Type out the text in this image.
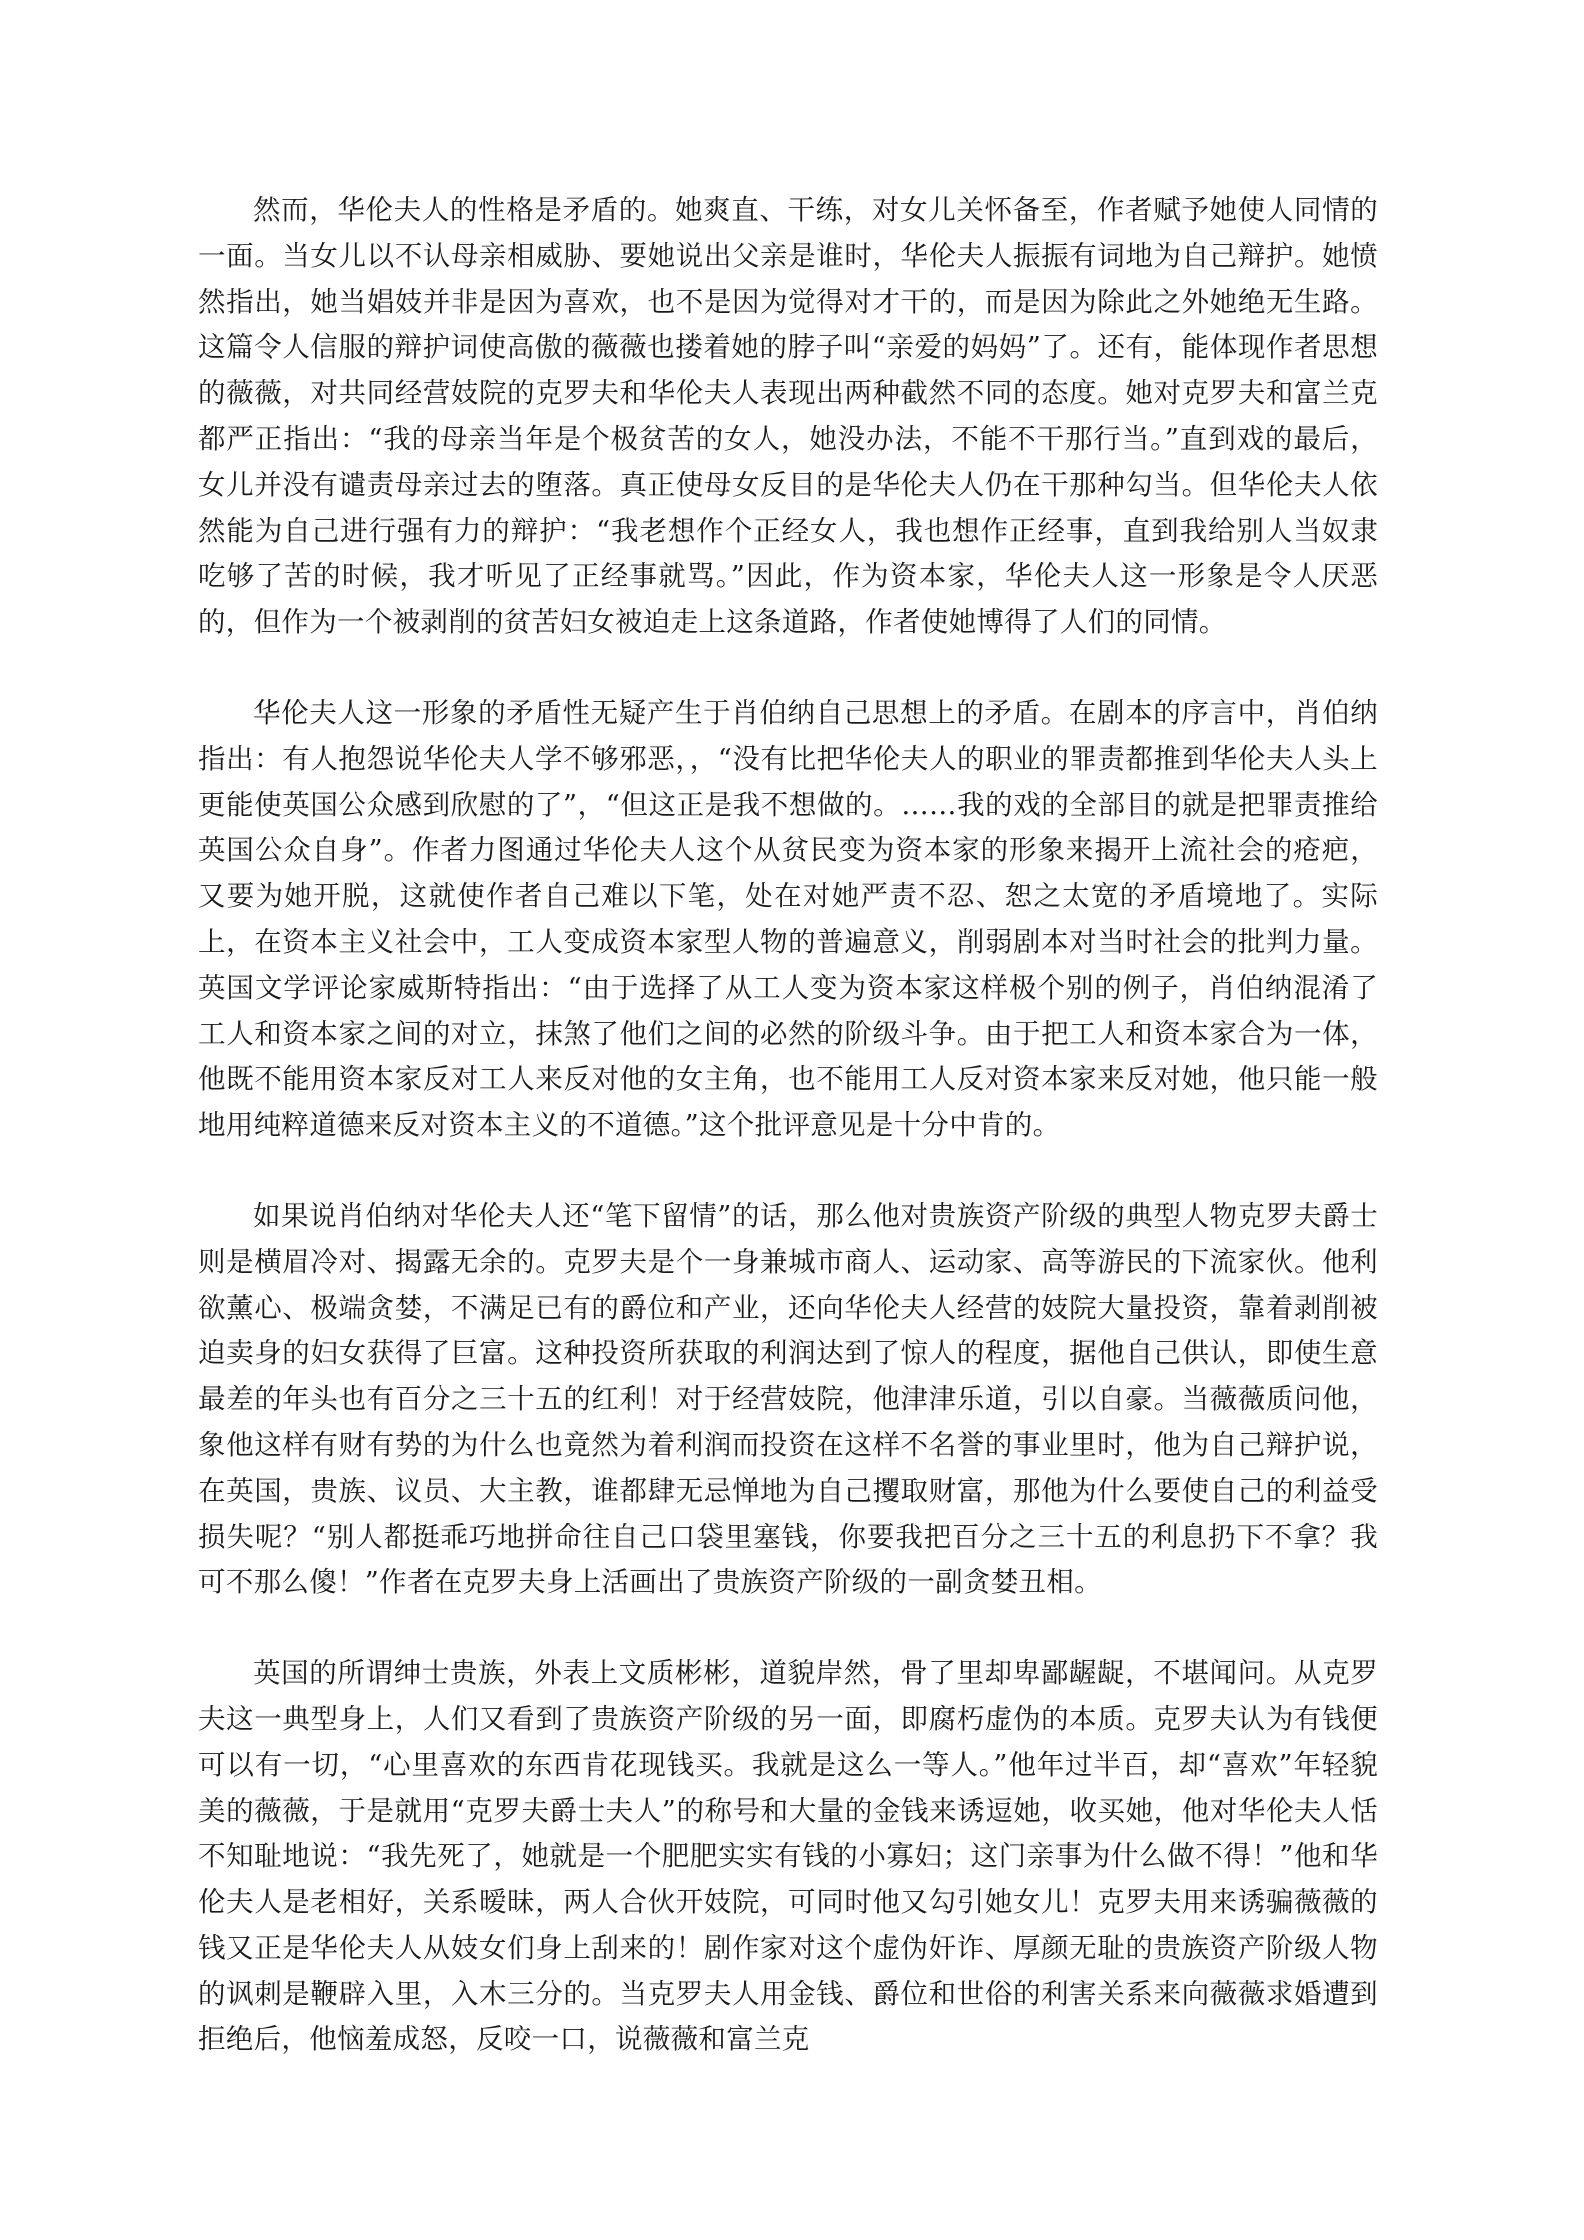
然而，华伦夫人的性格是矛盾的。她爽直、干练，对女儿关怀备至，作者赋予她使人同情的一面。当女儿以不认母亲相威胁、要她说出父亲是谁时，华伦夫人振振有词地为自己辩护。她愤然指出，她当娼妓并非是因为喜欢，也不是因为觉得对才干的，而是因为除此之外她绝无生路。这篇令人信服的辩护词使高傲的薇薇也搂着她的脖子叫“亲爱的妈妈”了。还有，能体现作者思想的薇薇，对共同经营妓院的克罗夫和华伦夫人表现出两种截然不同的态度。她对克罗夫和富兰克都严正指出：“我的母亲当年是个极贫苦的女人，她没办法，不能不干那行当。”直到戏的最后，女儿并没有谴责母亲过去的堕落。真正使母女反目的是华伦夫人仍在干那种勾当。但华伦夫人依然能为自己进行强有力的辩护：“我老想作个正经女人，我也想作正经事，直到我给别人当奴隶吃够了苦的时候，我才听见了正经事就骂。”因此，作为资本家，华伦夫人这一形象是令人厌恶的，但作为一个被剥削的贫苦妇女被迫走上这条道路，作者使她博得了人们的同情。

华伦夫人这一形象的矛盾性无疑产生于肖伯纳自己思想上的矛盾。在剧本的序言中，肖伯纳指出：有人抱怨说华伦夫人学不够邪恶，，“没有比把华伦夫人的职业的罪责都推到华伦夫人头上更能使英国公众感到欣慰的了”，“但这正是我不想做的。……我的戏的全部目的就是把罪责推给英国公众自身”。作者力图通过华伦夫人这个从贫民变为资本家的形象来揭开上流社会的疮疤，又要为她开脱，这就使作者自己难以下笔，处在对她严责不忍、恕之太宽的矛盾境地了。实际上，在资本主义社会中，工人变成资本家型人物的普遍意义，削弱剧本对当时社会的批判力量。英国文学评论家威斯特指出：“由于选择了从工人变为资本家这样极个别的例子，肖伯纳混淆了工人和资本家之间的对立，抹煞了他们之间的必然的阶级斗争。由于把工人和资本家合为一体，他既不能用资本家反对工人来反对他的女主角，也不能用工人反对资本家来反对她，他只能一般地用纯粹道德来反对资本主义的不道德。”这个批评意见是十分中肯的。

如果说肖伯纳对华伦夫人还“笔下留情”的话，那么他对贵族资产阶级的典型人物克罗夫爵士则是横眉冷对、揭露无余的。克罗夫是个一身兼城市商人、运动家、高等游民的下流家伙。他利欲薰心、极端贪婪，不满足已有的爵位和产业，还向华伦夫人经营的妓院大量投资，靠着剥削被迫卖身的妇女获得了巨富。这种投资所获取的利润达到了惊人的程度，据他自己供认，即使生意最差的年头也有百分之三十五的红利！对于经营妓院，他津津乐道，引以自豪。当薇薇质问他，象他这样有财有势的为什么也竟然为着利润而投资在这样不名誉的事业里时，他为自己辩护说，在英国，贵族、议员、大主教，谁都肆无忌惮地为自己攫取财富，那他为什么要使自己的利益受损失呢？“别人都挺乖巧地拼命往自己口袋里塞钱，你要我把百分之三十五的利息扔下不拿？我可不那么傻！”作者在克罗夫身上活画出了贵族资产阶级的一副贪婪丑相。

英国的所谓绅士贵族，外表上文质彬彬，道貌岸然，骨了里却卑鄙龌龊，不堪闻问。从克罗夫这一典型身上，人们又看到了贵族资产阶级的另一面，即腐朽虚伪的本质。克罗夫认为有钱便可以有一切，“心里喜欢的东西肯花现钱买。我就是这么一等人。”他年过半百，却“喜欢”年轻貌美的薇薇，于是就用“克罗夫爵士夫人”的称号和大量的金钱来诱逗她，收买她，他对华伦夫人恬不知耻地说：“我先死了，她就是一个肥肥实实有钱的小寡妇；这门亲事为什么做不得！”他和华伦夫人是老相好，关系暧昧，两人合伙开妓院，可同时他又勾引她女儿！克罗夫用来诱骗薇薇的钱又正是华伦夫人从妓女们身上刮来的！剧作家对这个虚伪奸诈、厚颜无耻的贵族资产阶级人物的讽刺是鞭辟入里，入木三分的。当克罗夫人用金钱、爵位和世俗的利害关系来向薇薇求婚遭到拒绝后，他恼羞成怒，反咬一口，说薇薇和富兰克
